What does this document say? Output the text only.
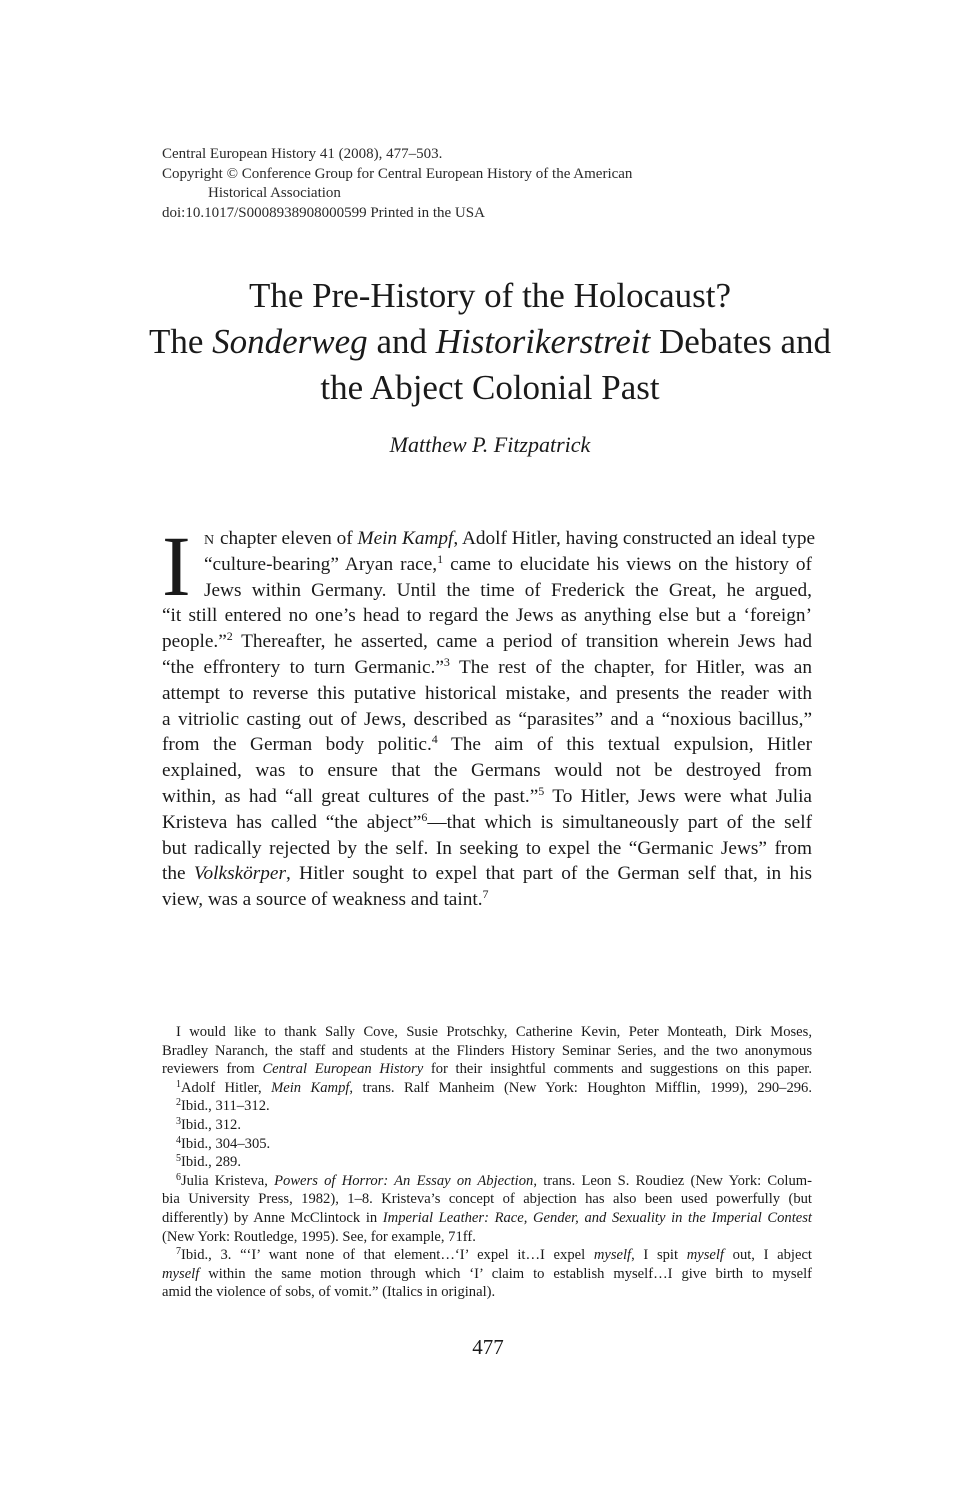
Central European History 41 (2008), 477–503.
Copyright © Conference Group for Central European History of the American
Historical Association
doi:10.1017/S0008938908000599 Printed in the USA
The Pre-History of the Holocaust?
The Sonderweg and Historikerstreit Debates and
the Abject Colonial Past
Matthew P. Fitzpatrick
I N chapter eleven of Mein Kampf, Adolf Hitler, having constructed an ideal type
“culture-bearing” Aryan race,$^1$ came to elucidate his views on the history of
Jews within Germany. Until the time of Frederick the Great, he argued,
“it still entered no one’s head to regard the Jews as anything else but a ‘foreign’
people.”$^2$ Thereafter, he asserted, came a period of transition wherein Jews had
“the effrontery to turn Germanic.”$^3$ The rest of the chapter, for Hitler, was an
attempt to reverse this putative historical mistake, and presents the reader with
a vitriolic casting out of Jews, described as “parasites” and a “noxious bacillus,”
from the German body politic.$^4$ The aim of this textual expulsion, Hitler
explained, was to ensure that the Germans would not be destroyed from
within, as had “all great cultures of the past.”$^5$ To Hitler, Jews were what Julia
Kristeva has called “the abject”$^6$—that which is simultaneously part of the self
but radically rejected by the self. In seeking to expel the “Germanic Jews” from
the Volkskörper, Hitler sought to expel that part of the German self that, in his
view, was a source of weakness and taint.$^7$
I would like to thank Sally Cove, Susie Protschky, Catherine Kevin, Peter Monteath, Dirk Moses,
Bradley Naranch, the staff and students at the Flinders History Seminar Series, and the two anonymous
reviewers from Central European History for their insightful comments and suggestions on this paper.
$^1$Adolf Hitler, Mein Kampf, trans. Ralf Manheim (New York: Houghton Mifflin, 1999), 290–296.
$^2$Ibid., 311–312.
$^3$Ibid., 312.
$^4$Ibid., 304–305.
$^5$Ibid., 289.
$^6$Julia Kristeva, Powers of Horror: An Essay on Abjection, trans. Leon S. Roudiez (New York: Colum-
bia University Press, 1982), 1–8. Kristeva’s concept of abjection has also been used powerfully (but
differently) by Anne McClintock in Imperial Leather: Race, Gender, and Sexuality in the Imperial Contest
(New York: Routledge, 1995). See, for example, 71ff.
$^7$Ibid., 3. “‘I’ want none of that element…‘I’ expel it…I expel myself, I spit myself out, I abject
myself within the same motion through which ‘I’ claim to establish myself…I give birth to myself
amid the violence of sobs, of vomit.” (Italics in original).
477
